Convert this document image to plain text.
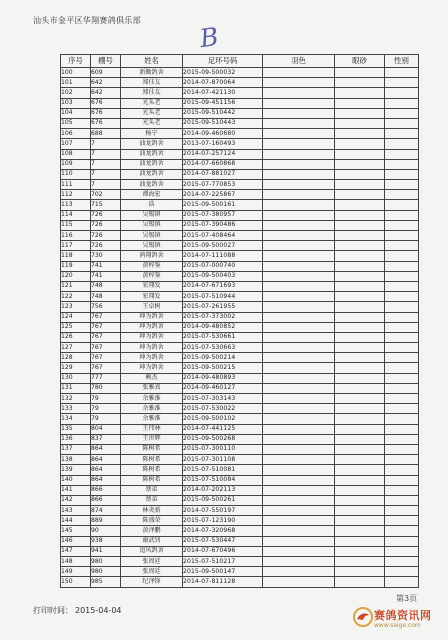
汕头市金平区华翔赛鸽俱乐部
B
序号	棚号	姓名	足环号码	羽色	眼砂	性别
100	609	新锄鸽舍	2015-09-500032			
101	642	郑佳友	2014-07-870064			
102	642	郑佳友	2014-07-421130			
103	676	光头老	2015-09-451156			
104	676	光头老	2015-09-510442			
105	676	光头老	2015-09-510443			
106	688	杨宁	2014-09-460680			
107	7	油龙鸽舍	2013-07-160493			
108	7	油龙鸽舍	2014-07-257124			
109	7	油龙鸽舍	2014-07-660868			
110	7	油龙鸽舍	2014-07-881027			
111	7	油龙鸽舍	2015-07-770853			
112	702	谭海宏	2014-07-225867			
113	715	浩	2015-09-500161			
114	726	吴锡镇	2015-07-380957			
115	726	吴锡镇	2015-07-390486			
116	726	吴锡镇	2015-07-408464			
117	726	吴锡镇	2015-09-500027			
118	730	鸿翔鸽舍	2014-07-111088			
119	741	黄梓鉴	2015-07-000740			
120	741	黄梓鉴	2015-09-500403			
121	748	宏翔发	2014-07-671693			
122	748	宏翔发	2015-07-510944			
123	756	王卓树	2015-07-261955			
124	767	坤为鸽舍	2015-07-373002			
125	767	坤为鸽舍	2014-09-480852			
126	767	坤为鸽舍	2015-07-530661			
127	767	坤为鸽舍	2015-07-530663			
128	767	坤为鸽舍	2015-09-500214			
129	767	坤为鸽舍	2015-09-500215			
130	777	赖杰	2014-09-480893			
131	780	张雅真	2014-09-460127			
132	79	余雅淮	2015-07-303143			
133	79	余雅淮	2015-07-530022			
134	79	余雅淮	2015-09-500102			
135	804	王伟林	2014-07-441125			
136	837	王世辉	2015-09-500268			
137	864	陈树希	2015-07-300110			
138	864	陈树希	2015-07-301108			
139	864	陈树希	2015-07-510081			
140	864	陈树希	2015-07-510084			
141	866	蔡弟	2014-07-202113			
142	866	蔡弟	2015-09-500261			
143	874	林炎新	2014-07-550197			
144	889	陈盛荣	2015-07-123190			
145	90	黄泽鹏	2014-07-320968			
146	938	谢武钊	2015-07-530447			
147	941	追风鸽舍	2014-07-670496			
148	980	张周廷	2015-07-510217			
149	980	张周廷	2015-09-500147			
150	985	纪泽锋	2014-07-811128			
第3页
打印时间： 2015-04-04	赛鸽资讯网
www.saige.com
